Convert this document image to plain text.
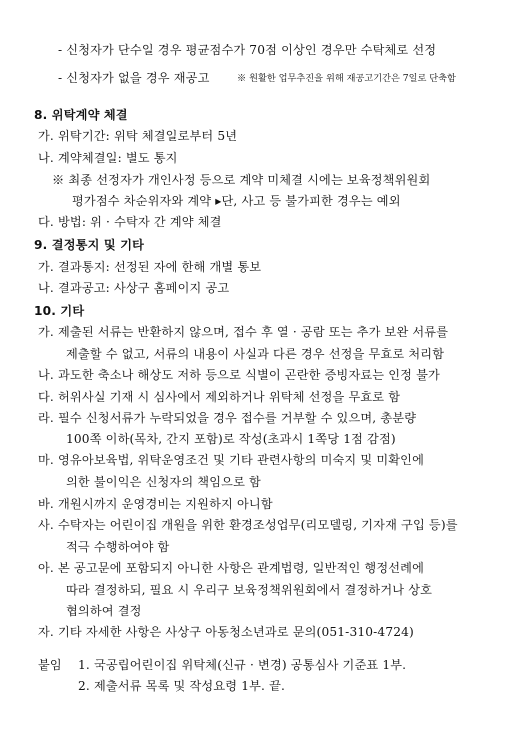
- 신청자가 단수일 경우 평균점수가 70점 이상인 경우만 수탁체로 선정
- 신청자가 없을 경우 재공고	※ 원활한 업무추진을 위해 재공고기간은 7일로 단축함
8. 위탁계약 체결
가. 위탁기간: 위탁 체결일로부터 5년
나. 계약체결일: 별도 통지
※ 최종 선정자가 개인사정 등으로 계약 미체결 시에는 보육정책위원회
평가점수 차순위자와 계약 ▸단, 사고 등 불가피한 경우는 예외
다. 방법: 위 · 수탁자 간 계약 체결
9. 결정통지 및 기타
가. 결과통지: 선정된 자에 한해 개별 통보
나. 결과공고: 사상구 홈페이지 공고
10. 기타
가. 제출된 서류는 반환하지 않으며, 접수 후 열 · 공람 또는 추가 보완 서류를
제출할 수 없고, 서류의 내용이 사실과 다른 경우 선정을 무효로 처리함
나. 과도한 축소나 해상도 저하 등으로 식별이 곤란한 증빙자료는 인정 불가
다. 허위사실 기재 시 심사에서 제외하거나 위탁체 선정을 무효로 함
라. 필수 신청서류가 누락되었을 경우 접수를 거부할 수 있으며, 총분량
100쪽 이하(목차, 간지 포함)로 작성(초과시 1쪽당 1점 감점)
마. 영유아보육법, 위탁운영조건 및 기타 관련사항의 미숙지 및 미확인에
의한 불이익은 신청자의 책임으로 함
바. 개원시까지 운영경비는 지원하지 아니함
사. 수탁자는 어린이집 개원을 위한 환경조성업무(리모델링, 기자재 구입 등)를
적극 수행하여야 함
아. 본 공고문에 포함되지 아니한 사항은 관계법령, 일반적인 행정선례에
따라 결정하되, 필요 시 우리구 보육정책위원회에서 결정하거나 상호
협의하여 결정
자. 기타 자세한 사항은 사상구 아동청소년과로 문의(051-310-4724)
붙임 1. 국공립어린이집 위탁체(신규 · 변경) 공통심사 기준표 1부.
2. 제출서류 목록 및 작성요령 1부. 끝.
